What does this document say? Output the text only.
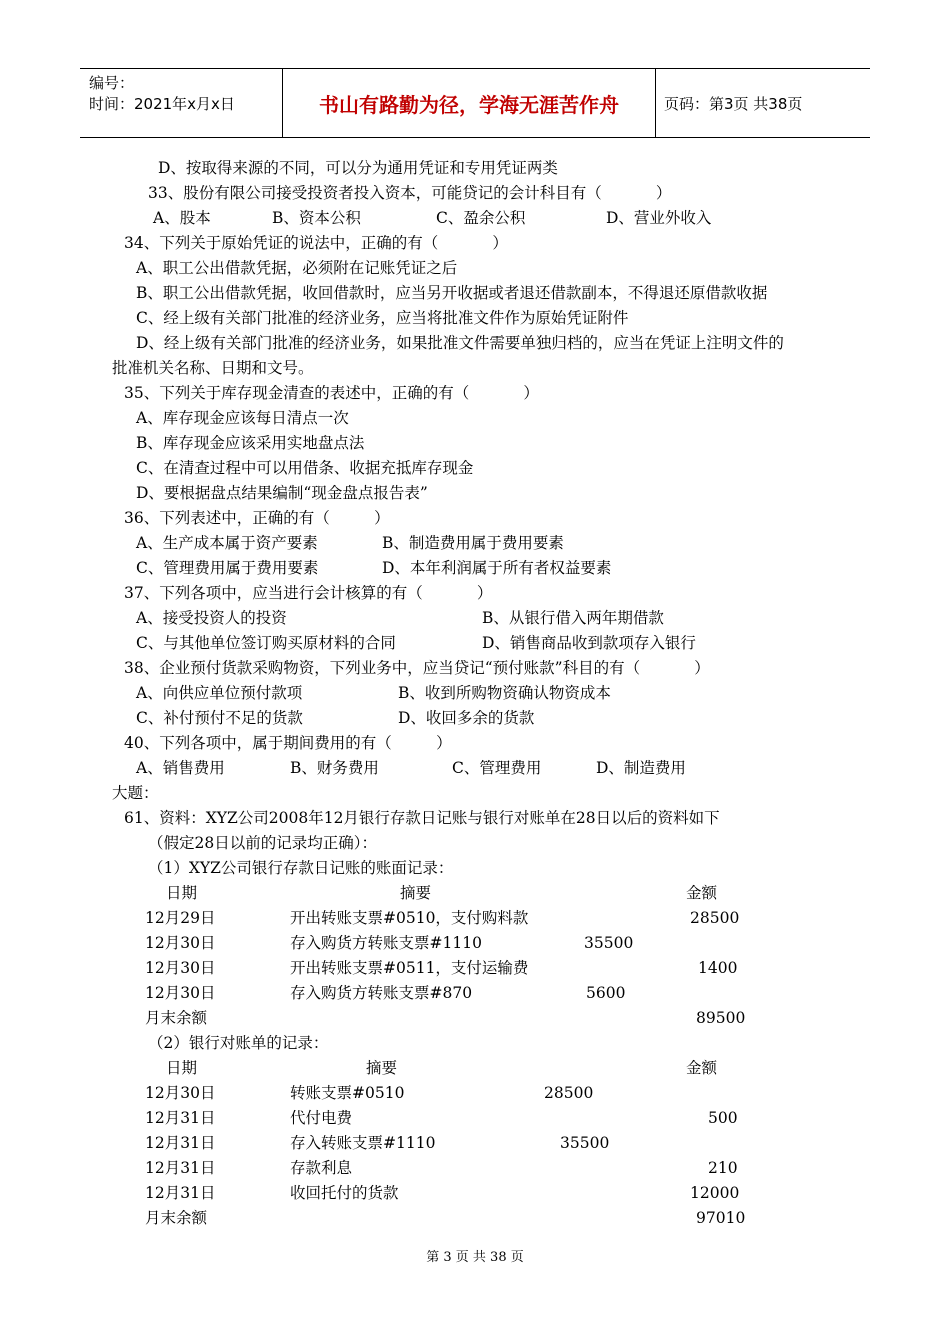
编号：
时间：2021年x月x日	书山有路勤为径，学海无涯苦作舟	页码：第3页 共38页
D、按取得来源的不同，可以分为通用凭证和专用凭证两类
33、股份有限公司接受投资者投入资本，可能贷记的会计科目有（           ）
A、股本	B、资本公积	C、盈余公积	D、营业外收入
34、下列关于原始凭证的说法中，正确的有（           ）
A、职工公出借款凭据，必须附在记账凭证之后
B、职工公出借款凭据，收回借款时，应当另开收据或者退还借款副本，不得退还原借款收据
C、经上级有关部门批准的经济业务，应当将批准文件作为原始凭证附件
D、经上级有关部门批准的经济业务，如果批准文件需要单独归档的，应当在凭证上注明文件的
批准机关名称、日期和文号。
35、下列关于库存现金清查的表述中，正确的有（           ）
A、库存现金应该每日清点一次
B、库存现金应该采用实地盘点法
C、在清查过程中可以用借条、收据充抵库存现金
D、要根据盘点结果编制“现金盘点报告表”
36、下列表述中，正确的有（         ）
A、生产成本属于资产要素	B、制造费用属于费用要素
C、管理费用属于费用要素	D、本年利润属于所有者权益要素
37、下列各项中，应当进行会计核算的有（           ）
A、接受投资人的投资	B、从银行借入两年期借款
C、与其他单位签订购买原材料的合同	D、销售商品收到款项存入银行
38、企业预付货款采购物资，下列业务中，应当贷记“预付账款”科目的有（           ）
A、向供应单位预付款项	B、收到所购物资确认物资成本
C、补付预付不足的货款	D、收回多余的货款
40、下列各项中，属于期间费用的有（         ）
A、销售费用	B、财务费用	C、管理费用	D、制造费用
大题：
61、资料：XYZ公司2008年12月银行存款日记账与银行对账单在28日以后的资料如下
（假定28日以前的记录均正确）：
（1）XYZ公司银行存款日记账的账面记录：
日期	摘要	金额
12月29日	开出转账支票#0510，支付购料款	28500
12月30日	存入购货方转账支票#1110	35500
12月30日	开出转账支票#0511，支付运输费	1400
12月30日	存入购货方转账支票#870	5600
月末余额	89500
（2）银行对账单的记录：
日期	摘要	金额
12月30日	转账支票#0510	28500
12月31日	代付电费	500
12月31日	存入转账支票#1110	35500
12月31日	存款利息	210
12月31日	收回托付的货款	12000
月末余额	97010
第 3 页 共 38 页
